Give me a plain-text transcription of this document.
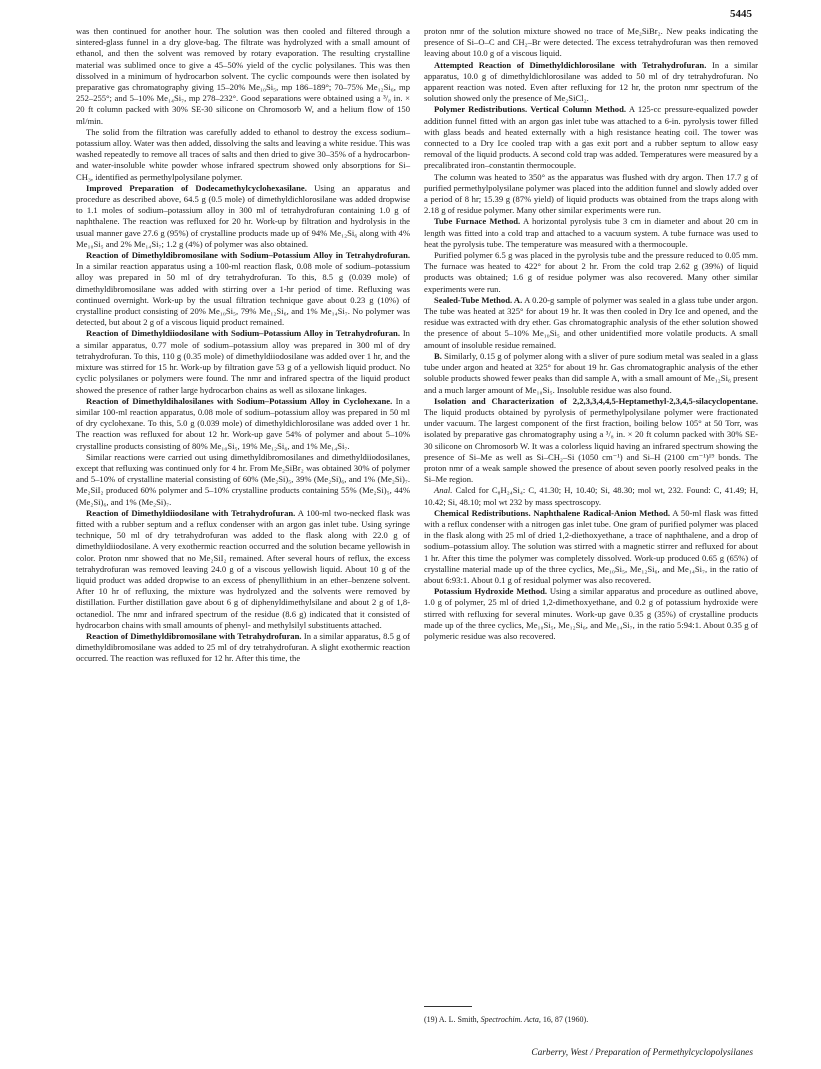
5445

was then continued for another hour. The solution was then cooled and filtered through a sintered-glass funnel in a dry glove-bag. The filtrate was hydrolyzed with a small amount of ethanol, and then the solvent was removed by rotary evaporation. The resulting crystalline material was sublimed once to give a 45–50% yield of the cyclic polysilanes. This was then dissolved in a minimum of hydrocarbon solvent. The cyclic compounds were then isolated by preparative gas chromatography giving 15–20% Me₁₀Si₅, mp 186–189°; 70–75% Me₁₂Si₆, mp 252–255°; and 5–10% Me₁₄Si₇, mp 278–232°. Good separations were obtained using a ³/₈ in. × 20 ft column packed with 30% SE-30 silicone on Chromosorb W, and a helium flow of 150 ml/min.

The solid from the filtration was carefully added to ethanol to destroy the excess sodium–potassium alloy. Water was then added, dissolving the salts and leaving a white residue. This was washed repeatedly to remove all traces of salts and then dried to give 30–35% of a hydrocarbon- and water-insoluble white powder whose infrared spectrum showed only absorptions for Si–CH₃, identified as permethylpolysilane polymer.

Improved Preparation of Dodecamethylcyclohexasilane. Using an apparatus and procedure as described above, 64.5 g (0.5 mole) of dimethyldichlorosilane was added dropwise to 1.1 moles of sodium–potassium alloy in 300 ml of tetrahydrofuran containing 1.0 g of naphthalene. The reaction was refluxed for 20 hr. Work-up by filtration and hydrolysis in the usual manner gave 27.6 g (95%) of crystalline products made up of 94% Me₁₂Si₆ along with 4% Me₁₀Si₅ and 2% Me₁₄Si₇; 1.2 g (4%) of polymer was also obtained.

Reaction of Dimethyldibromosilane with Sodium–Potassium Alloy in Tetrahydrofuran. In a similar reaction apparatus using a 100-ml reaction flask, 0.08 mole of sodium–potassium alloy was prepared in 50 ml of dry tetrahydrofuran. To this, 8.5 g (0.039 mole) of dimethyldibromosilane was added with stirring over a 1-hr period of time. Refluxing was continued overnight. Work-up by the usual filtration technique gave about 0.23 g (10%) of crystalline product consisting of 20% Me₁₀Si₅, 79% Me₁₂Si₆, and 1% Me₁₄Si₇. No polymer was detected, but about 2 g of a viscous liquid product remained.

Reaction of Dimethyldiiodosilane with Sodium–Potassium Alloy in Tetrahydrofuran. In a similar apparatus, 0.77 mole of sodium–potassium alloy was prepared in 300 ml of dry tetrahydrofuran. To this, 110 g (0.35 mole) of dimethyldiiodosilane was added over 1 hr, and the mixture was stirred for 15 hr. Work-up by filtration gave 53 g of a yellowish liquid product. No cyclic polysilanes or polymers were found. The nmr and infrared spectra of the liquid product showed the presence of rather large hydrocarbon chains as well as siloxane linkages.

Reaction of Dimethyldihalosilanes with Sodium–Potassium Alloy in Cyclohexane. In a similar 100-ml reaction apparatus, 0.08 mole of sodium–potassium alloy was prepared in 50 ml of dry cyclohexane. To this, 5.0 g (0.039 mole) of dimethyldichlorosilane was added over 1 hr. The reaction was refluxed for about 12 hr. Work-up gave 54% of polymer and about 5–10% crystalline products consisting of 80% Me₁₀Si₅, 19% Me₁₂Si₆, and 1% Me₁₄Si₇.

Similar reactions were carried out using dimethyldibromosilanes and dimethyldiiodosilanes, except that refluxing was continued only for 4 hr. From Me₂SiBr₂ was obtained 30% of polymer and 5–10% of crystalline material consisting of 60% (Me₂Si)₅, 39% (Me₂Si)₆, and 1% (Me₂Si)₇. Me₂SiI₂ produced 60% polymer and 5–10% crystalline products containing 55% (Me₂Si)₅, 44% (Me₂Si)₆, and 1% (Me₂Si)₇.

Reaction of Dimethyldiiodosilane with Tetrahydrofuran. A 100-ml two-necked flask was fitted with a rubber septum and a reflux condenser with an argon gas inlet tube. Using syringe technique, 50 ml of dry tetrahydrofuran was added to the flask along with 22.0 g of dimethyldiiodosilane. A very exothermic reaction occurred and the solution became yellowish in color. Proton nmr showed that no Me₂SiI₂ remained. After several hours of reflux, the excess tetrahydrofuran was removed leaving 24.0 g of a viscous yellowish liquid. About 10 g of the liquid product was added dropwise to an excess of phenyllithium in an ether–benzene solvent. After 10 hr of refluxing, the mixture was hydrolyzed and the solvents were removed by distillation. Further distillation gave about 6 g of diphenyldimethylsilane and about 2 g of 1,8-octanediol. The nmr and infrared spectrum of the residue (8.6 g) indicated that it consisted of hydrocarbon chains with small amounts of phenyl- and methylsilyl substituents attached.

Reaction of Dimethyldibromosilane with Tetrahydrofuran. In a similar apparatus, 8.5 g of dimethyldibromosilane was added to 25 ml of dry tetrahydrofuran. A slight exothermic reaction occurred. The reaction was refluxed for 12 hr. After this time, the

proton nmr of the solution mixture showed no trace of Me₂SiBr₂. New peaks indicating the presence of Si–O–C and CH₂–Br were detected. The excess tetrahydrofuran was then removed leaving about 10.0 g of a viscous liquid.

Attempted Reaction of Dimethyldichlorosilane with Tetrahydrofuran. In a similar apparatus, 10.0 g of dimethyldichlorosilane was added to 50 ml of dry tetrahydrofuran. No apparent reaction was noted. Even after refluxing for 12 hr, the proton nmr spectrum of the solution showed only the presence of Me₂SiCl₂.

Polymer Redistributions. Vertical Column Method. A 125-cc pressure-equalized powder addition funnel fitted with an argon gas inlet tube was attached to a 6-in. pyrolysis tower filled with glass beads and heated externally with a high resistance heating coil. The tower was connected to a Dry Ice cooled trap with a gas exit port and a rubber septum to allow easy removal of the liquid products. A second cold trap was added. Temperatures were measured by a precalibrated iron–constantin thermocouple.

The column was heated to 350° as the apparatus was flushed with dry argon. Then 17.7 g of purified permethylpolysilane polymer was placed into the addition funnel and slowly added over a period of 8 hr; 15.39 g (87% yield) of liquid products was obtained from the traps along with 2.18 g of residue polymer. Many other similar experiments were run.

Tube Furnace Method. A horizontal pyrolysis tube 3 cm in diameter and about 20 cm in length was fitted into a cold trap and attached to a vacuum system. A tube furnace was used to heat the pyrolysis tube. The temperature was measured with a thermocouple.

Purified polymer 6.5 g was placed in the pyrolysis tube and the pressure reduced to 0.05 mm. The furnace was heated to 422° for about 2 hr. From the cold trap 2.62 g (39%) of liquid products was obtained; 1.6 g of residue polymer was also recovered. Many other similar experiments were run.

Sealed-Tube Method. A. A 0.20-g sample of polymer was sealed in a glass tube under argon. The tube was heated at 325° for about 19 hr. It was then cooled in Dry Ice and opened, and the residue was extracted with dry ether. Gas chromatographic analysis of the ether solution showed the presence of about 5–10% Me₁₀Si₅ and other unidentified more volatile products. A small amount of insoluble residue remained.

B. Similarly, 0.15 g of polymer along with a sliver of pure sodium metal was sealed in a glass tube under argon and heated at 325° for about 19 hr. Gas chromatographic analysis of the ether soluble products showed fewer peaks than did sample A, with a small amount of Me₁₂Si₆ present and a much larger amount of Me₁₀Si₅. Insoluble residue was also found.

Isolation and Characterization of 2,2,3,3,4,4,5-Heptamethyl-2,3,4,5-silacyclopentane. The liquid products obtained by pyrolysis of permethylpolysilane polymer were fractionated under vacuum. The largest component of the first fraction, boiling below 105° at 50 Torr, was isolated by preparative gas chromatography using a ³/₈ in. × 20 ft column packed with 30% SE-30 silicone on Chromosorb W. It was a colorless liquid having an infrared spectrum showing the presence of Si–Me as well as Si–CH₂–Si (1050 cm⁻¹) and Si–H (2100 cm⁻¹)¹⁹ bonds. The proton nmr of a weak sample showed the presence of about seven poorly resolved peaks in the Si–Me region.

Anal. Calcd for C₈H₂₄Si₄: C, 41.30; H, 10.40; Si, 48.30; mol wt, 232. Found: C, 41.49; H, 10.42; Si, 48.10; mol wt 232 by mass spectroscopy.

Chemical Redistributions. Naphthalene Radical-Anion Method. A 50-ml flask was fitted with a reflux condenser with a nitrogen gas inlet tube. One gram of purified polymer was placed in the flask along with 25 ml of dried 1,2-diethoxyethane, a trace of naphthalene, and a drop of sodium–potassium alloy. The solution was stirred with a magnetic stirrer and refluxed for about 1 hr. After this time the polymer was completely dissolved. Work-up produced 0.65 g (65%) of crystalline material made up of the three cyclics, Me₁₀Si₅, Me₁₂Si₆, and Me₁₄Si₇, in the ratio of about 6:93:1. About 0.1 g of residual polymer was also recovered.

Potassium Hydroxide Method. Using a similar apparatus and procedure as outlined above, 1.0 g of polymer, 25 ml of dried 1,2-dimethoxyethane, and 0.2 g of potassium hydroxide were stirred with refluxing for several minutes. Work-up gave 0.35 g (35%) of crystalline products made up of the three cyclics, Me₁₀Si₅, Me₁₂Si₆, and Me₁₄Si₇, in the ratio 5:94:1. About 0.35 g of polymeric residue was also recovered.

(19) A. L. Smith, Spectrochim. Acta, 16, 87 (1960).
Carberry, West / Preparation of Permethylcyclopolysilanes
